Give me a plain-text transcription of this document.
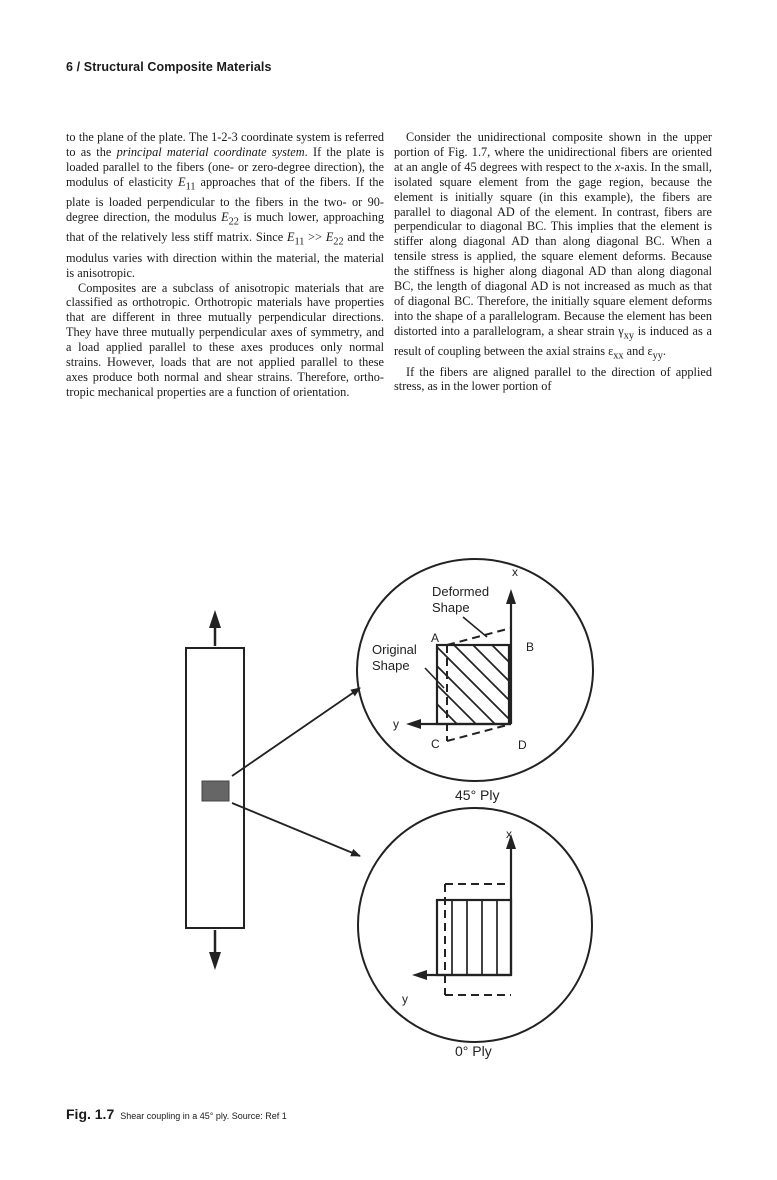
6 / Structural Composite Materials

to the plane of the plate. The 1-2-3 coordinate system is referred to as the principal material coordinate system. If the plate is loaded parallel to the fibers (one- or zero-degree direction), the modulus of elasticity $E_{11}$ approaches that of the fibers. If the plate is loaded perpendicular to the fibers in the two- or 90-degree direction, the modulus $E_{22}$ is much lower, approaching that of the relatively less stiff matrix. Since $E_{11} >> E_{22}$ and the modulus varies with direction within the material, the material is anisotropic.

Composites are a subclass of anisotropic materials that are classified as orthotropic. Orthotropic materials have properties that are different in three mutually perpendicular directions. They have three mutually perpendicular axes of symmetry, and a load applied parallel to these axes produces only normal strains. However, loads that are not applied parallel to these axes produce both normal and shear strains. Therefore, orthotropic mechanical properties are a function of orientation.

Consider the unidirectional composite shown in the upper portion of Fig. 1.7, where the unidirectional fibers are oriented at an angle of 45 degrees with respect to the x-axis. In the small, isolated square element from the gage region, because the element is initially square (in this example), the fibers are parallel to diagonal AD of the element. In contrast, fibers are perpendicular to diagonal BC. This implies that the element is stiffer along diagonal AD than along diagonal BC. When a tensile stress is applied, the square element deforms. Because the stiffness is higher along diagonal AD than along diagonal BC, the length of diagonal AD is not increased as much as that of diagonal BC. Therefore, the initially square element deforms into the shape of a parallelogram. Because the element has been distorted into a parallelogram, a shear strain $\gamma_{xy}$ is induced as a result of coupling between the axial strains $\varepsilon_{xx}$ and $\varepsilon_{yy}$.

If the fibers are aligned parallel to the direction of applied stress, as in the lower portion of

Deformed
Shape
Original
Shape
A
B
C	D
x
y
45° Ply
x
y
0° Ply
Fig. 1.7 Shear coupling in a 45° ply. Source: Ref 1
